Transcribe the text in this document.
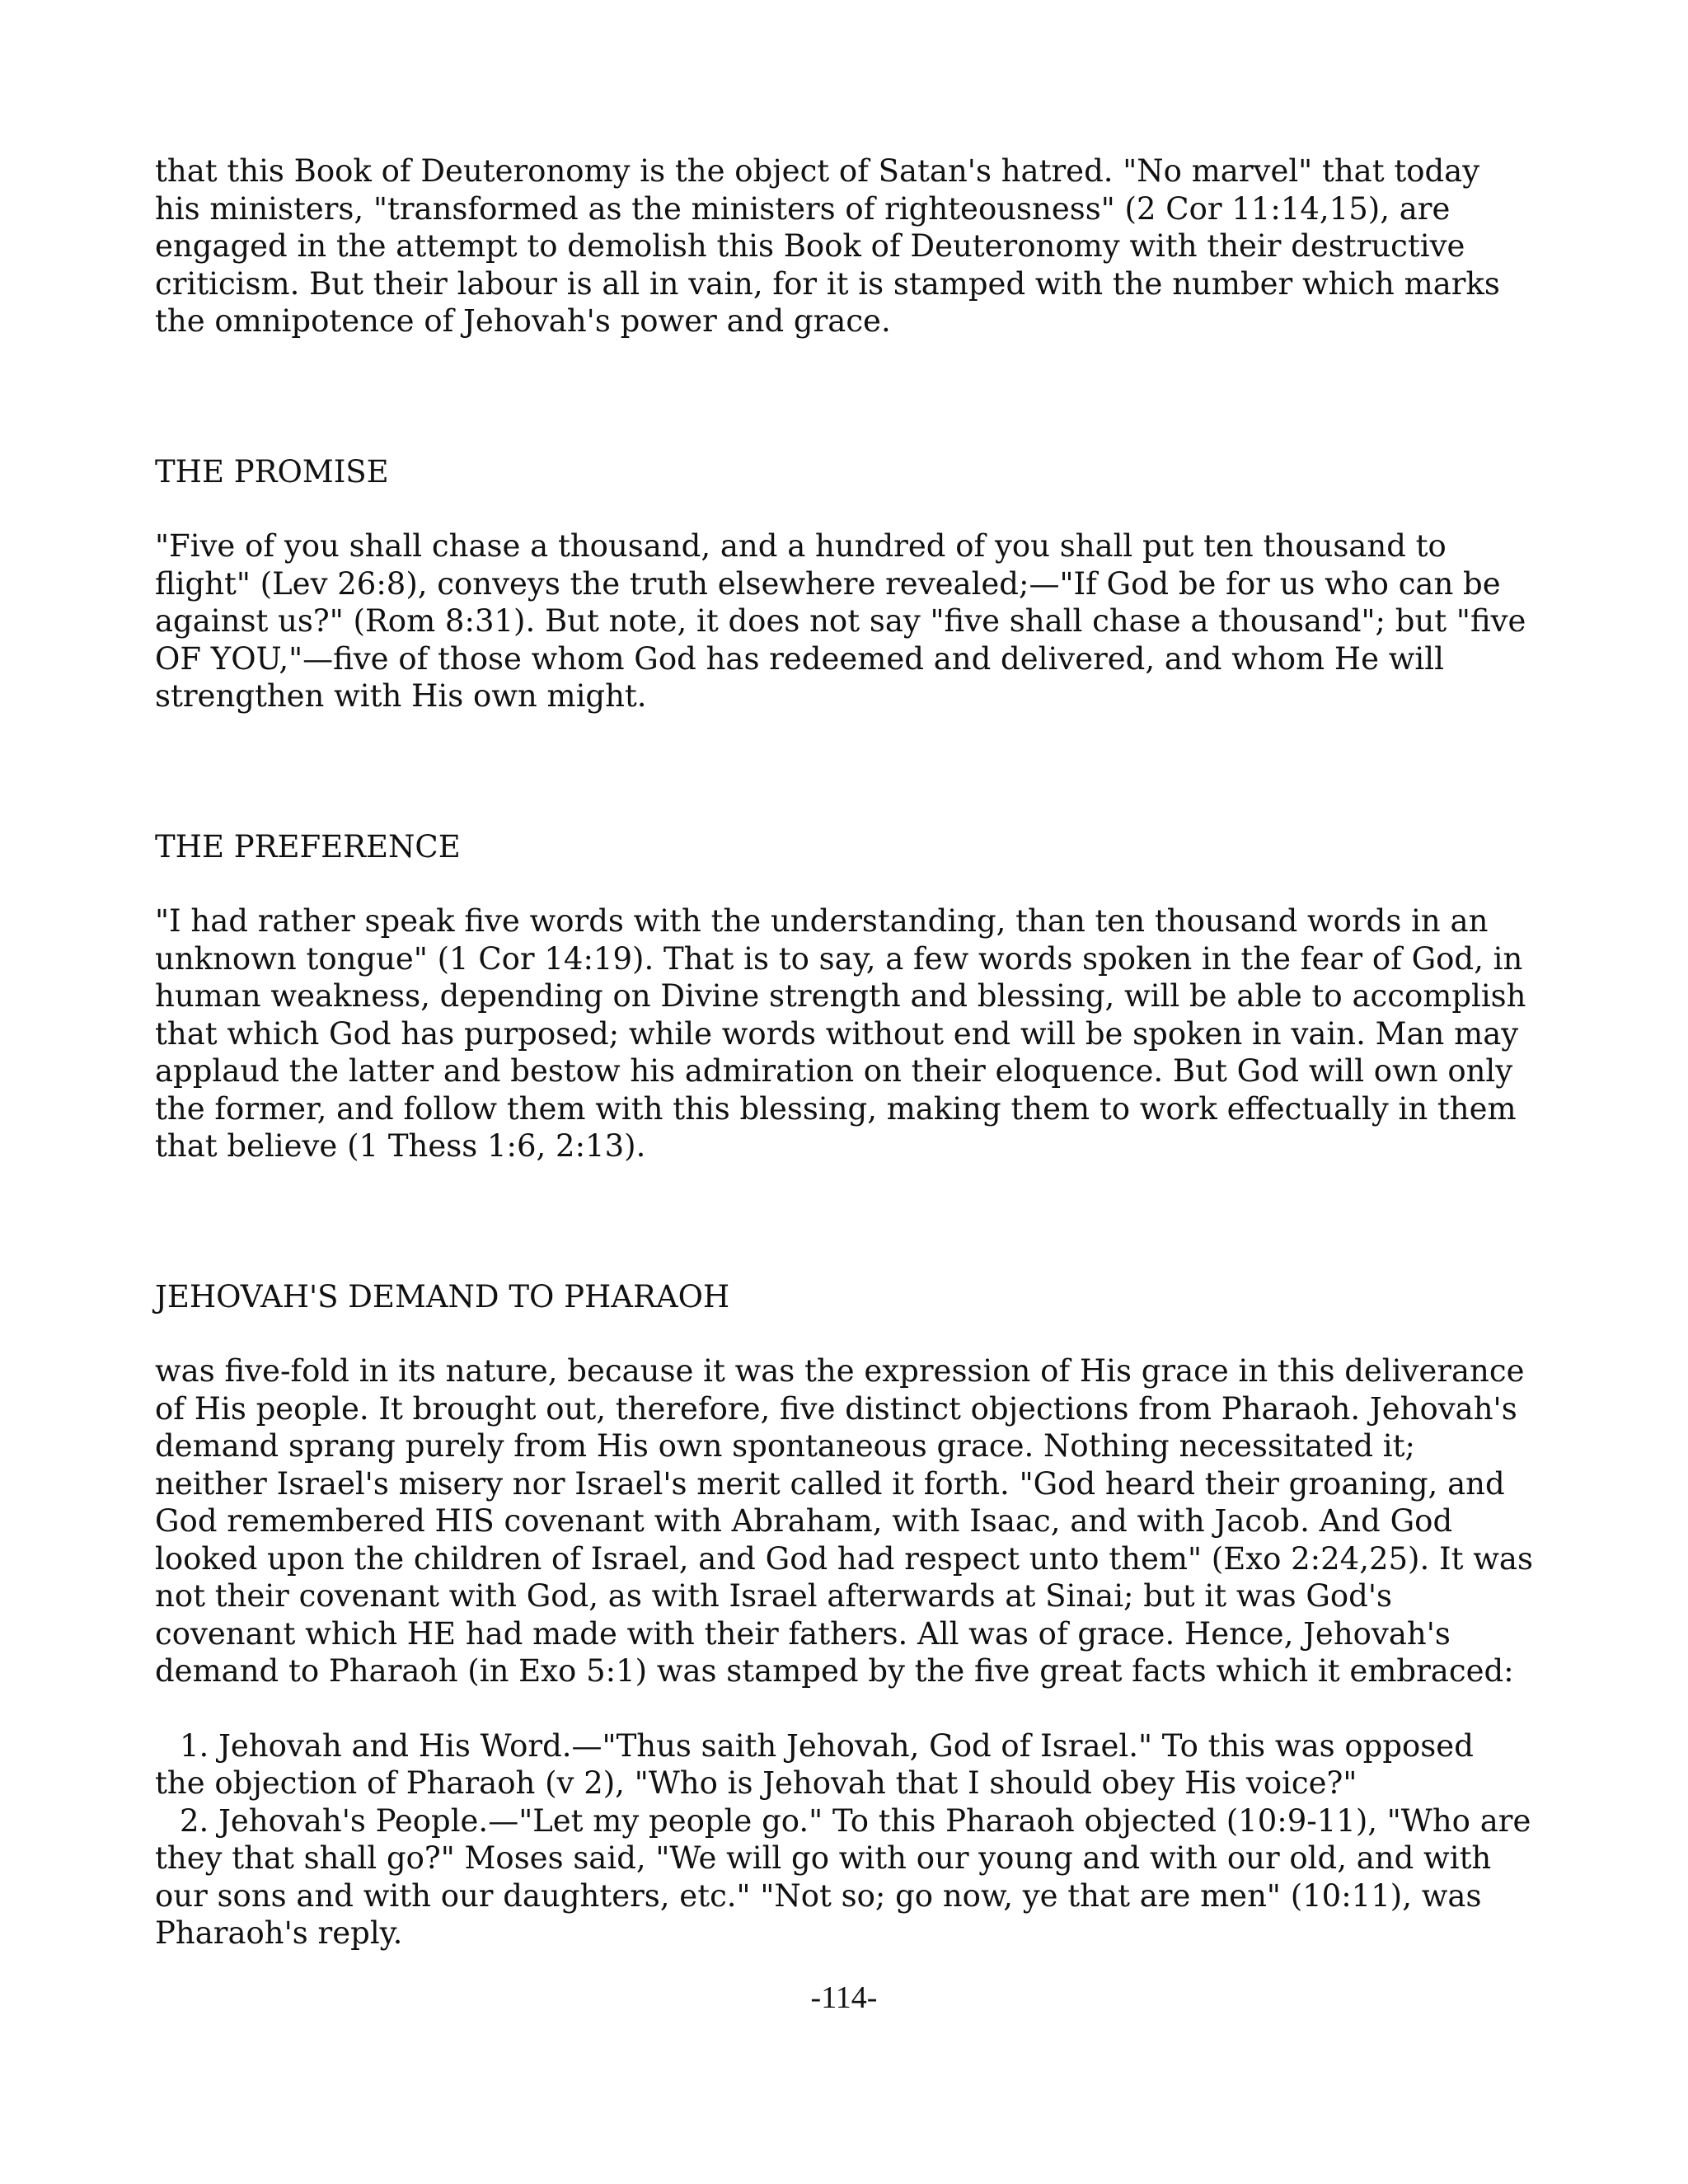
that this Book of Deuteronomy is the object of Satan's hatred. "No marvel" that today his ministers, "transformed as the ministers of righteousness" (2 Cor 11:14,15), are engaged in the attempt to demolish this Book of Deuteronomy with their destructive criticism. But their labour is all in vain, for it is stamped with the number which marks the omnipotence of Jehovah's power and grace.

THE PROMISE

"Five of you shall chase a thousand, and a hundred of you shall put ten thousand to flight" (Lev 26:8), conveys the truth elsewhere revealed;—"If God be for us who can be against us?" (Rom 8:31). But note, it does not say "five shall chase a thousand"; but "five OF YOU,"—five of those whom God has redeemed and delivered, and whom He will strengthen with His own might.

THE PREFERENCE

"I had rather speak five words with the understanding, than ten thousand words in an unknown tongue" (1 Cor 14:19). That is to say, a few words spoken in the fear of God, in human weakness, depending on Divine strength and blessing, will be able to accomplish that which God has purposed; while words without end will be spoken in vain. Man may applaud the latter and bestow his admiration on their eloquence. But God will own only the former, and follow them with this blessing, making them to work effectually in them that believe (1 Thess 1:6, 2:13).

JEHOVAH'S DEMAND TO PHARAOH

was five-fold in its nature, because it was the expression of His grace in this deliverance of His people. It brought out, therefore, five distinct objections from Pharaoh. Jehovah's demand sprang purely from His own spontaneous grace. Nothing necessitated it; neither Israel's misery nor Israel's merit called it forth. "God heard their groaning, and God remembered HIS covenant with Abraham, with Isaac, and with Jacob. And God looked upon the children of Israel, and God had respect unto them" (Exo 2:24,25). It was not their covenant with God, as with Israel afterwards at Sinai; but it was God's covenant which HE had made with their fathers. All was of grace. Hence, Jehovah's demand to Pharaoh (in Exo 5:1) was stamped by the five great facts which it embraced:

1. Jehovah and His Word.—"Thus saith Jehovah, God of Israel." To this was opposed the objection of Pharaoh (v 2), "Who is Jehovah that I should obey His voice?"

2. Jehovah's People.—"Let my people go." To this Pharaoh objected (10:9-11), "Who are they that shall go?" Moses said, "We will go with our young and with our old, and with our sons and with our daughters, etc." "Not so; go now, ye that are men" (10:11), was Pharaoh's reply.

-114-
